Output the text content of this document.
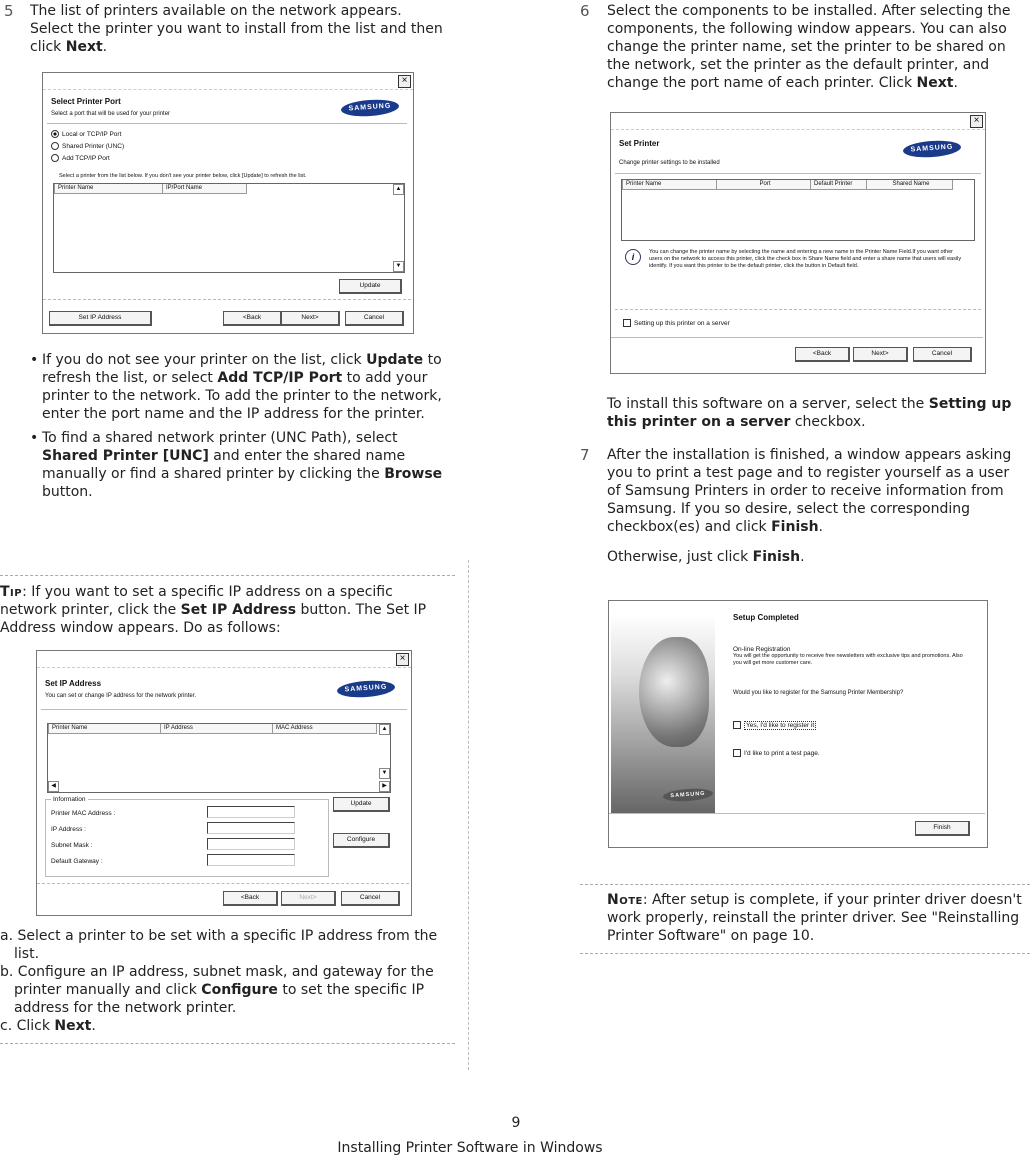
5 The list of printers available on the network appears.
Select the printer you want to install from the list and then
click Next.
×
Select Printer Port
Select a port that will be used for your printer
SAMSUNG
Local or TCP/IP Port
Shared Printer (UNC)
Add TCP/IP Port
Select a printer from the list below. If you don't see your printer below, click [Update] to refresh the list.
Printer Name	IP/Port Name	▲
▼
Update
Set IP Address	<Back	Next>	Cancel
• If you do not see your printer on the list, click Update to refresh the list, or select Add TCP/IP Port to add your printer to the network. To add the printer to the network, enter the port name and the IP address for the printer.
• To find a shared network printer (UNC Path), select Shared Printer [UNC] and enter the shared name manually or find a shared printer by clicking the Browse button.
Tip: If you want to set a specific IP address on a specific network printer, click the Set IP Address button. The Set IP Address window appears. Do as follows:
×
Set IP Address
You can set or change IP address for the network printer.
SAMSUNG
Printer Name	IP Address	MAC Address	▲
▼
◀	▶
Information
Printer MAC Address :
IP Address :
Subnet Mask :
Default Gateway :
Update
Configure
<Back	Next>	Cancel
a. Select a printer to be set with a specific IP address from the list.
b. Configure an IP address, subnet mask, and gateway for the printer manually and click Configure to set the specific IP address for the network printer.
c. Click Next.
6 Select the components to be installed. After selecting the components, the following window appears. You can also change the printer name, set the printer to be shared on the network, set the printer as the default printer, and change the port name of each printer. Click Next.
×
Set Printer
Change printer settings to be installed
SAMSUNG
Printer Name	Port	Default Printer	Shared Name
i	You can change the printer name by selecting the name and entering a new name in the Printer Name Field.If you want other users on the network to access this printer, click the check box in Share Name field and enter a share name that users will easily identify. If you want this printer to be the default printer, click the button in Default field.
Setting up this printer on a server
<Back	Next>	Cancel
To install this software on a server, select the Setting up this printer on a server checkbox.
7 After the installation is finished, a window appears asking you to print a test page and to register yourself as a user of Samsung Printers in order to receive information from Samsung. If you so desire, select the corresponding checkbox(es) and click Finish.
Otherwise, just click Finish.
SAMSUNG
Setup Completed
On-line Registration
You will get the opportunity to receive free newsletters with exclusive tips and promotions. Also you will get more customer care.
Would you like to register for the Samsung Printer Membership?
Yes, I'd like to register it
I'd like to print a test page.
Finish
Note: After setup is complete, if your printer driver doesn't work properly, reinstall the printer driver. See "Reinstalling Printer Software" on page 10.
9
Installing Printer Software in Windows
